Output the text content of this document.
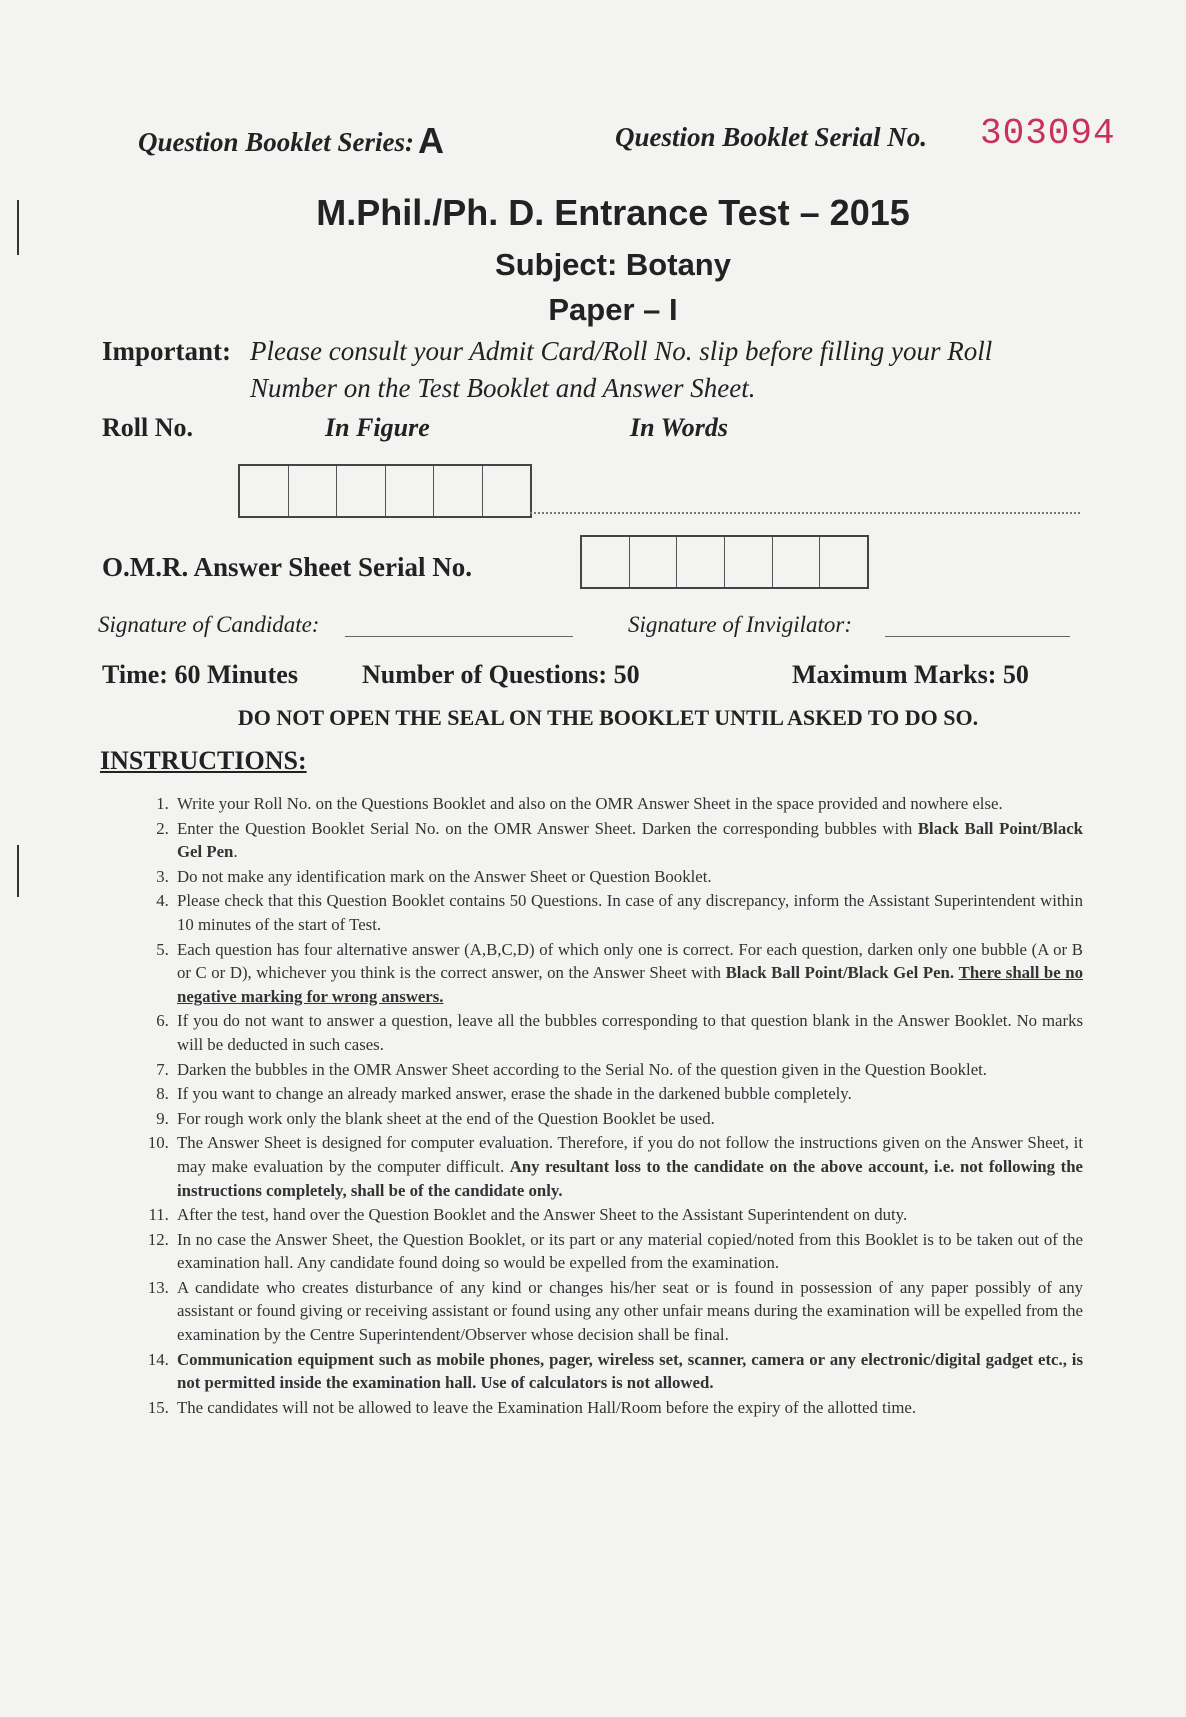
Question Booklet Series: A	Question Booklet Serial No. 303094
M.Phil./Ph. D. Entrance Test – 2015
Subject: Botany
Paper – I
Important: Please consult your Admit Card/Roll No. slip before filling your Roll
Number on the Test Booklet and Answer Sheet.
Roll No.	In Figure	In Words
O.M.R. Answer Sheet Serial No.
Signature of Candidate:	Signature of Invigilator:
Time: 60 Minutes Number of Questions: 50	Maximum Marks: 50
DO NOT OPEN THE SEAL ON THE BOOKLET UNTIL ASKED TO DO SO.
INSTRUCTIONS:
1. Write your Roll No. on the Questions Booklet and also on the OMR Answer Sheet in the space provided and nowhere else.
2. Enter the Question Booklet Serial No. on the OMR Answer Sheet. Darken the corresponding bubbles with Black Ball Point/Black Gel Pen.
3. Do not make any identification mark on the Answer Sheet or Question Booklet.
4. Please check that this Question Booklet contains 50 Questions. In case of any discrepancy, inform the Assistant Superintendent within 10 minutes of the start of Test.
5. Each question has four alternative answer (A,B,C,D) of which only one is correct. For each question, darken only one bubble (A or B or C or D), whichever you think is the correct answer, on the Answer Sheet with Black Ball Point/Black Gel Pen. There shall be no negative marking for wrong answers.
6. If you do not want to answer a question, leave all the bubbles corresponding to that question blank in the Answer Booklet. No marks will be deducted in such cases.
7. Darken the bubbles in the OMR Answer Sheet according to the Serial No. of the question given in the Question Booklet.
8. If you want to change an already marked answer, erase the shade in the darkened bubble completely.
9. For rough work only the blank sheet at the end of the Question Booklet be used.
10. The Answer Sheet is designed for computer evaluation. Therefore, if you do not follow the instructions given on the Answer Sheet, it may make evaluation by the computer difficult. Any resultant loss to the candidate on the above account, i.e. not following the instructions completely, shall be of the candidate only.
11. After the test, hand over the Question Booklet and the Answer Sheet to the Assistant Superintendent on duty.
12. In no case the Answer Sheet, the Question Booklet, or its part or any material copied/noted from this Booklet is to be taken out of the examination hall. Any candidate found doing so would be expelled from the examination.
13. A candidate who creates disturbance of any kind or changes his/her seat or is found in possession of any paper possibly of any assistant or found giving or receiving assistant or found using any other unfair means during the examination will be expelled from the examination by the Centre Superintendent/Observer whose decision shall be final.
14. Communication equipment such as mobile phones, pager, wireless set, scanner, camera or any electronic/digital gadget etc., is not permitted inside the examination hall. Use of calculators is not allowed.
15. The candidates will not be allowed to leave the Examination Hall/Room before the expiry of the allotted time.
